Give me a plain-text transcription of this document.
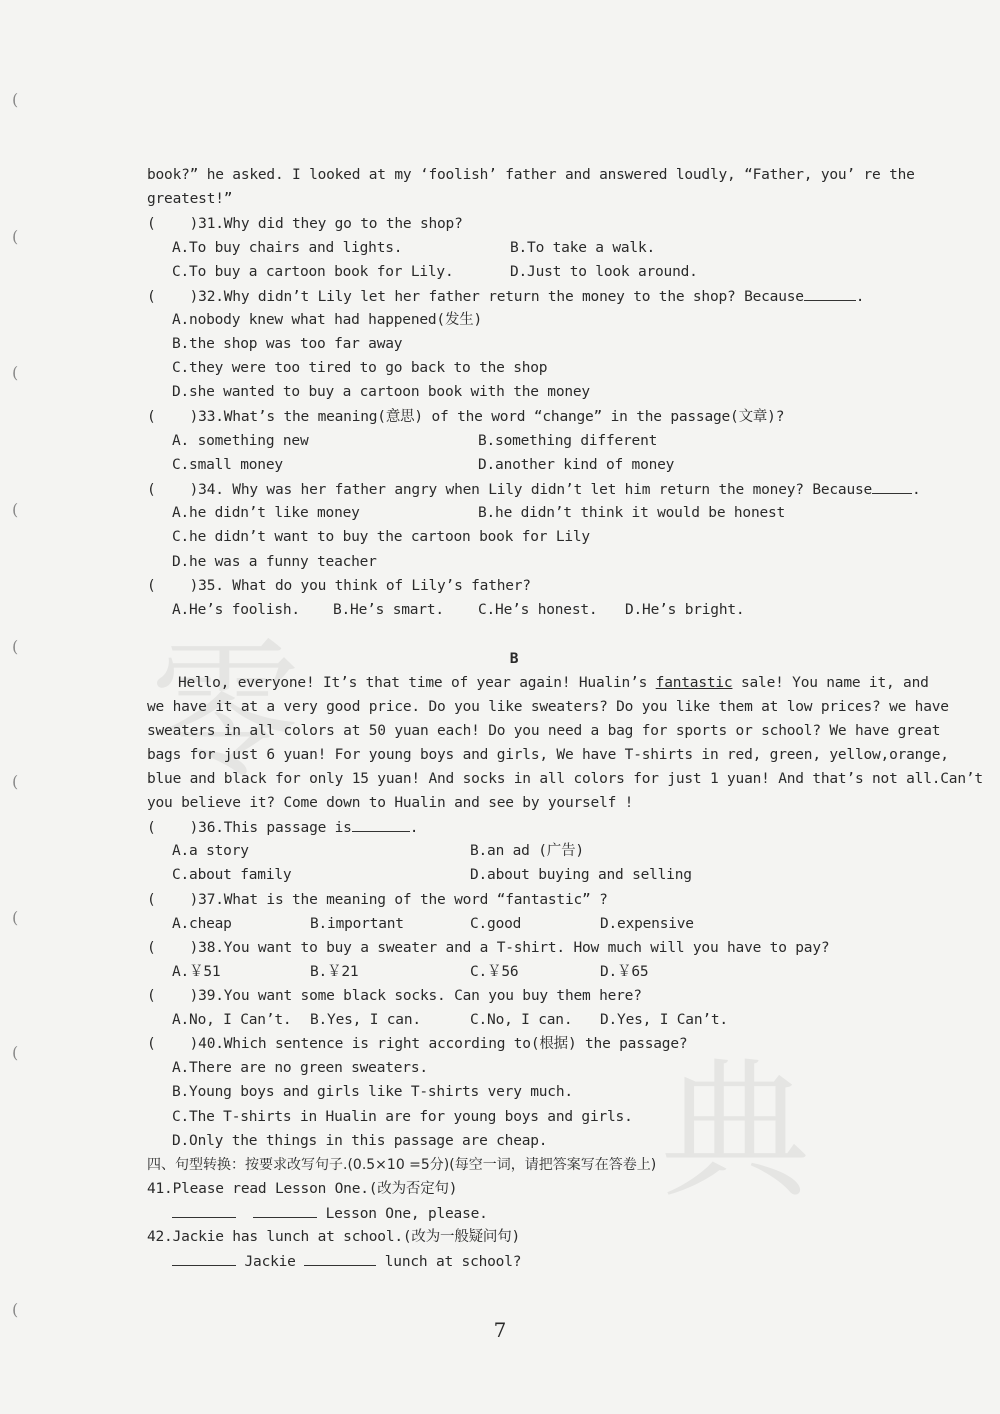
零
典
(
(
(
(
(
(
(
(
(
book?” he asked. I looked at my ‘foolish’ father and answered loudly, “Father, you’ re the
greatest!”
(    )31.Why did they go to the shop?
A.To buy chairs and lights.	B.To take a walk.
C.To buy a cartoon book for Lily.	D.Just to look around.
(    )32.Why didn’t Lily let her father return the money to the shop? Because	.
A.nobody knew what had happened(发生)
B.the shop was too far away
C.they were too tired to go back to the shop
D.she wanted to buy a cartoon book with the money
(    )33.What’s the meaning(意思) of the word “change” in the passage(文章)?
A. something new	B.something different
C.small money	D.another kind of money
(    )34. Why was her father angry when Lily didn’t let him return the money? Because	.
A.he didn’t like money	B.he didn’t think it would be honest
C.he didn’t want to buy the cartoon book for Lily
D.he was a funny teacher
(    )35. What do you think of Lily’s father?
A.He’s foolish. B.He’s smart. C.He’s honest. D.He’s bright.
B
Hello, everyone! It’s that time of year again! Hualin’s fantastic sale! You name it, and
we have it at a very good price. Do you like sweaters? Do you like them at low prices? we have
sweaters in all colors at 50 yuan each! Do you need a bag for sports or school? We have great
bags for just 6 yuan! For young boys and girls, We have T-shirts in red, green, yellow,orange,
blue and black for only 15 yuan! And socks in all colors for just 1 yuan! And that’s not all.Can’t
you believe it? Come down to Hualin and see by yourself !
(    )36.This passage is	.
A.a story	B.an ad (广告)
C.about family	D.about buying and selling
(    )37.What is the meaning of the word “fantastic” ?
A.cheap	B.important	C.good	D.expensive
(    )38.You want to buy a sweater and a T-shirt. How much will you have to pay?
A.￥51	B.￥21	C.￥56	D.￥65
(    )39.You want some black socks. Can you buy them here?
A.No, I Can’t. B.Yes, I can.	C.No, I can. D.Yes, I Can’t.
(    )40.Which sentence is right according to(根据) the passage?
A.There are no green sweaters.
B.Young boys and girls like T-shirts very much.
C.The T-shirts in Hualin are for young boys and girls.
D.Only the things in this passage are cheap.
四、句型转换：按要求改写句子.(0.5×10 =5分)(每空一词，请把答案写在答卷上)
41.Please read Lesson One.(改为否定句)
Lesson One, please.
42.Jackie has lunch at school.(改为一般疑问句)
Jackie	lunch at school?
7
